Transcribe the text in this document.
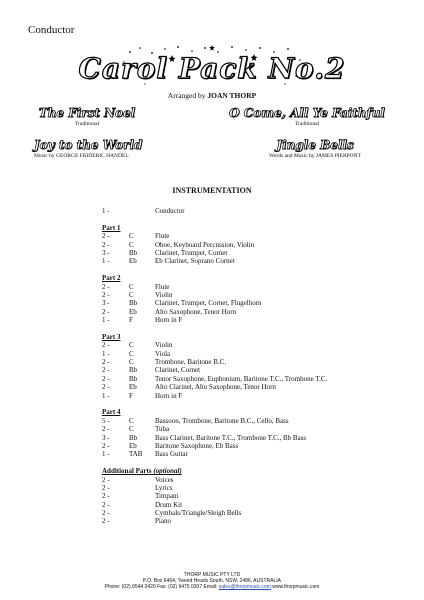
Conductor
Carol Pack No.2
Arranged by JOAN THORP
The First Noel
Traditional
O Come, All Ye Faithful
Traditional
Joy to the World
Music by GEORGE FRIDERIC HANDEL
Jingle Bells
Words and Music by JAMES PIERPONT
INSTRUMENTATION
1 -	Conductor
Part 1
2 -	C	Flute
2 -	C	Oboe, Keyboard Percussion, Violin
3 -	Bb	Clarinet, Trumpet, Cornet
1 -	Eb	Eb Clarinet, Soprano Cornet
Part 2
2 -	C	Flute
2 -	C	Violin
3 -	Bb	Clarinet, Trumpet, Cornet, Flugelhorn
2 -	Eb	Alto Saxophone, Tenor Horn
1 -	F	Horn in F
Part 3
2 -	C	Violin
1 -	C	Viola
2 -	C	Trombone, Baritone B.C.
2 -	Bb	Clarinet, Cornet
2 -	Bb	Tenor Saxophone, Euphonium, Baritone T.C., Trombone T.C.
2 -	Eb	Alto Clarinet, Alto Saxophone, Tenor Horn
1 -	F	Horn in F
Part 4
5 -	C	Bassoon, Trombone, Baritone B.C., Cello, Bass
2 -	C	Tuba
3 -	Bb	Bass Clarinet, Baritone T.C., Trombone T.C., Bb Bass
2 -	Eb	Baritone Saxophone, Eb Bass
1 -	TAB Bass Guitar
Additional Parts (optional)
2 -	Voices
2 -	Lyrics
2 -	Timpani
2 -	Drum Kit
2 -	Cymbals/Triangle/Sleigh Bells
2 -	Piano
THORP MUSIC PTY LTD
P.O. Box 6464, Tweed Heads South, NSW, 2486, AUSTRALIA
Phone: (02) 9544 3420 Fax: (02) 9475 0307 Email: sales@thorpmusic.com www.thorpmusic.com
